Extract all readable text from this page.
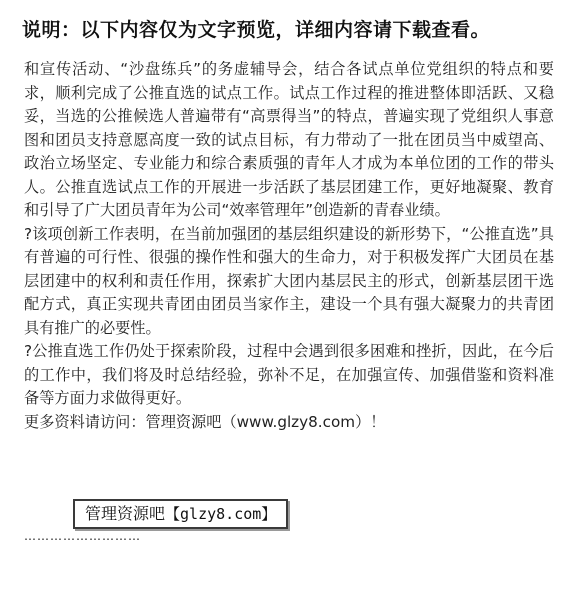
说明：以下内容仅为文字预览，详细内容请下载查看。

和宣传活动、“沙盘练兵”的务虚辅导会，结合各试点单位党组织的特点和要求，顺利完成了公推直选的试点工作。试点工作过程的推进整体即活跃、又稳妥，当选的公推候选人普遍带有“高票得当”的特点，普遍实现了党组织人事意图和团员支持意愿高度一致的试点目标，有力带动了一批在团员当中威望高、政治立场坚定、专业能力和综合素质强的青年人才成为本单位团的工作的带头人。公推直选试点工作的开展进一步活跃了基层团建工作，更好地凝聚、教育和引导了广大团员青年为公司“效率管理年”创造新的青春业绩。

?该项创新工作表明，在当前加强团的基层组织建设的新形势下，“公推直选”具有普遍的可行性、很强的操作性和强大的生命力，对于积极发挥广大团员在基层团建中的权利和责任作用，探索扩大团内基层民主的形式，创新基层团干选配方式，真正实现共青团由团员当家作主，建设一个具有强大凝聚力的共青团具有推广的必要性。

?公推直选工作仍处于探索阶段，过程中会遇到很多困难和挫折，因此，在今后的工作中，我们将及时总结经验，弥补不足，在加强宣传、加强借鉴和资料准备等方面力求做得更好。

更多资料请访问：管理资源吧（www.glzy8.com）！

管理资源吧【glzy8.com】
………………………
